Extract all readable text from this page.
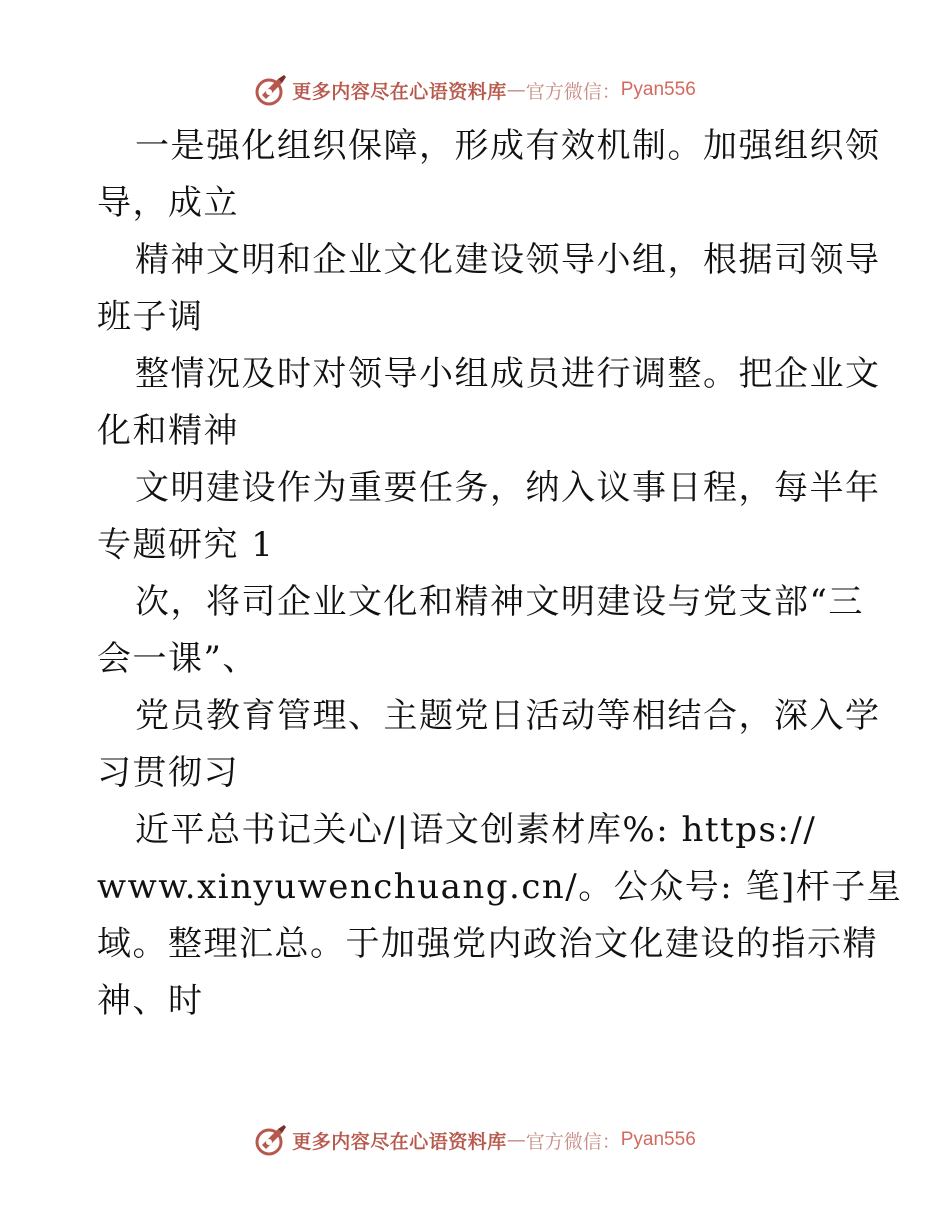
更多内容尽在心语资料库 — 官方微信： Pyan556
一是强化组织保障，形成有效机制。加强组织领
导，成立
精神文明和企业文化建设领导小组，根据司领导
班子调
整情况及时对领导小组成员进行调整。把企业文
化和精神
文明建设作为重要任务，纳入议事日程，每半年
专题研究 1
次，将司企业文化和精神文明建设与党支部“三
会一课”、
党员教育管理、主题党日活动等相结合，深入学
习贯彻习
近平总书记关心/|语文创素材库%: https://
www.xinyuwenchuang.cn/。公众号: 笔]杆子星
域。整理汇总。于加强党内政治文化建设的指示精
神、时
更多内容尽在心语资料库 — 官方微信： Pyan556
